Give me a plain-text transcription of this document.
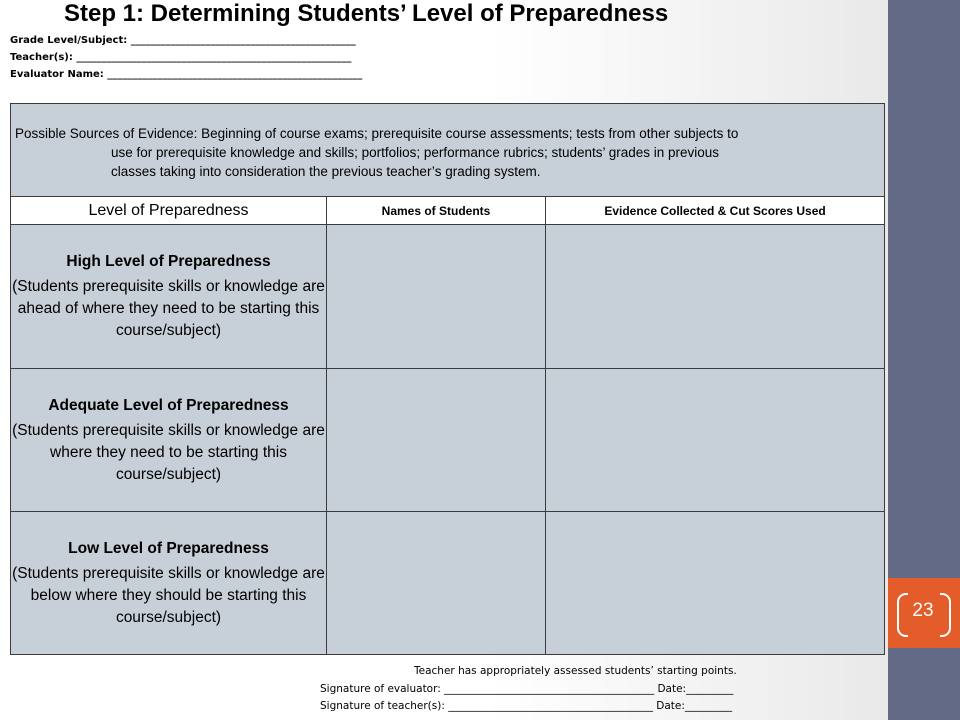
23
Step 1: Determining Students’ Level of Preparedness
Grade Level/Subject: _____________________________________________
Teacher(s): _______________________________________________________
Evaluator Name: ___________________________________________________
Possible Sources of Evidence: Beginning of course exams; prerequisite course assessments; tests from other subjects to
use for prerequisite knowledge and skills; portfolios; performance rubrics; students’ grades in previous
classes taking into consideration the previous teacher’s grading system.		

Level of Preparedness	Names of Students	Evidence Collected & Cut Scores Used

High Level of Preparedness
(Students prerequisite skills or knowledge are ahead of where they need to be starting this course/subject)		

Adequate Level of Preparedness
(Students prerequisite skills or knowledge are where they need to be starting this course/subject)		

Low Level of Preparedness
(Students prerequisite skills or knowledge are below where they should be starting this course/subject)		

Teacher has appropriately assessed students’ starting points.
Signature of evaluator: ________________________________________ Date:_________
Signature of teacher(s): _______________________________________ Date:_________
